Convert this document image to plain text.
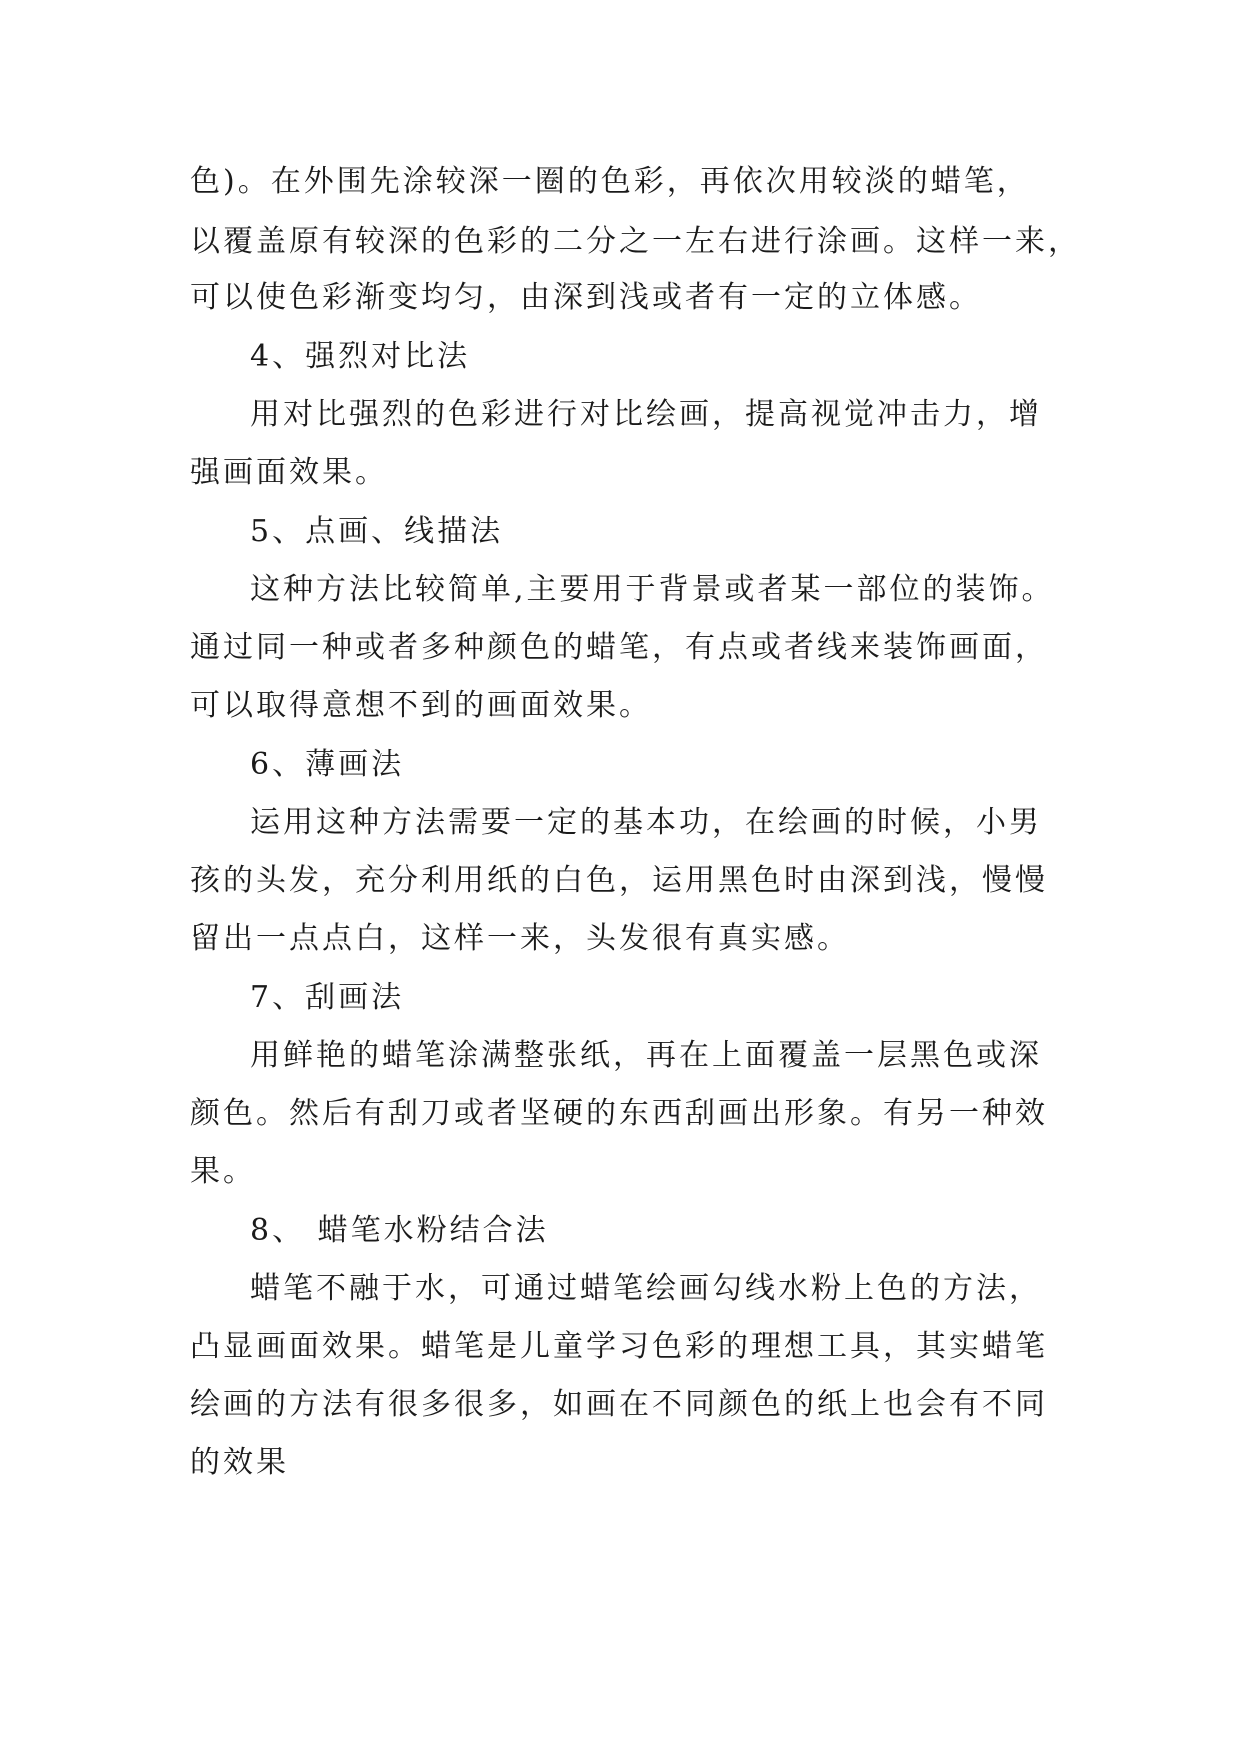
色)。在外围先涂较深一圈的色彩，再依次用较淡的蜡笔，
以覆盖原有较深的色彩的二分之一左右进行涂画。这样一来，
可以使色彩渐变均匀，由深到浅或者有一定的立体感。
4、强烈对比法
用对比强烈的色彩进行对比绘画，提高视觉冲击力，增
强画面效果。
5、点画、线描法
这种方法比较简单,主要用于背景或者某一部位的装饰。
通过同一种或者多种颜色的蜡笔，有点或者线来装饰画面，
可以取得意想不到的画面效果。
6、薄画法
运用这种方法需要一定的基本功，在绘画的时候，小男
孩的头发，充分利用纸的白色，运用黑色时由深到浅，慢慢
留出一点点白，这样一来，头发很有真实感。
7、刮画法
用鲜艳的蜡笔涂满整张纸，再在上面覆盖一层黑色或深
颜色。然后有刮刀或者坚硬的东西刮画出形象。有另一种效
果。
8、 蜡笔水粉结合法
蜡笔不融于水，可通过蜡笔绘画勾线水粉上色的方法，
凸显画面效果。蜡笔是儿童学习色彩的理想工具，其实蜡笔
绘画的方法有很多很多，如画在不同颜色的纸上也会有不同
的效果
